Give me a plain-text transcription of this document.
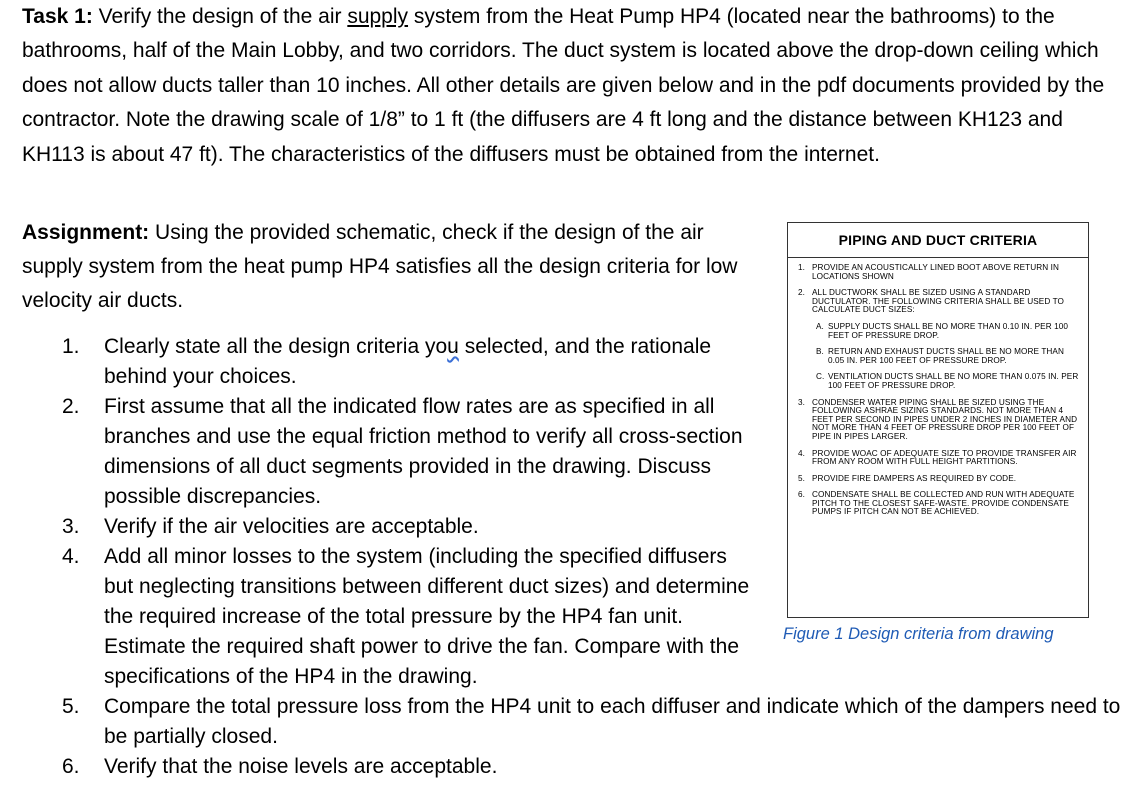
Task 1: Verify the design of the air supply system from the Heat Pump HP4 (located near the bathrooms) to the bathrooms, half of the Main Lobby, and two corridors. The duct system is located above the drop-down ceiling which does not allow ducts taller than 10 inches. All other details are given below and in the pdf documents provided by the contractor. Note the drawing scale of 1/8” to 1 ft (the diffusers are 4 ft long and the distance between KH123 and KH113 is about 47 ft). The characteristics of the diffusers must be obtained from the internet.
Assignment: Using the provided schematic, check if the design of the air supply system from the heat pump HP4 satisfies all the design criteria for low velocity air ducts.
1. Clearly state all the design criteria you selected, and the rationale behind your choices.
2. First assume that all the indicated flow rates are as specified in all branches and use the equal friction method to verify all cross-section dimensions of all duct segments provided in the drawing. Discuss possible discrepancies.
3. Verify if the air velocities are acceptable.
4. Add all minor losses to the system (including the specified diffusers but neglecting transitions between different duct sizes) and determine the required increase of the total pressure by the HP4 fan unit. Estimate the required shaft power to drive the fan. Compare with the specifications of the HP4 in the drawing.
5. Compare the total pressure loss from the HP4 unit to each diffuser and indicate which of the dampers need to be partially closed.
6. Verify that the noise levels are acceptable.
PIPING AND DUCT CRITERIA
1. PROVIDE AN ACOUSTICALLY LINED BOOT ABOVE RETURN IN LOCATIONS SHOWN
2. ALL DUCTWORK SHALL BE SIZED USING A STANDARD DUCTULATOR. THE FOLLOWING CRITERIA SHALL BE USED TO CALCULATE DUCT SIZES:
A. SUPPLY DUCTS SHALL BE NO MORE THAN 0.10 IN. PER 100 FEET OF PRESSURE DROP.
B. RETURN AND EXHAUST DUCTS SHALL BE NO MORE THAN 0.05 IN. PER 100 FEET OF PRESSURE DROP.
C. VENTILATION DUCTS SHALL BE NO MORE THAN 0.075 IN. PER 100 FEET OF PRESSURE DROP.
3. CONDENSER WATER PIPING SHALL BE SIZED USING THE FOLLOWING ASHRAE SIZING STANDARDS. NOT MORE THAN 4 FEET PER SECOND IN PIPES UNDER 2 INCHES IN DIAMETER AND NOT MORE THAN 4 FEET OF PRESSURE DROP PER 100 FEET OF PIPE IN PIPES LARGER.
4. PROVIDE WOAC OF ADEQUATE SIZE TO PROVIDE TRANSFER AIR FROM ANY ROOM WITH FULL HEIGHT PARTITIONS.
5. PROVIDE FIRE DAMPERS AS REQUIRED BY CODE.
6. CONDENSATE SHALL BE COLLECTED AND RUN WITH ADEQUATE PITCH TO THE CLOSEST SAFE-WASTE. PROVIDE CONDENSATE PUMPS IF PITCH CAN NOT BE ACHIEVED.
Figure 1 Design criteria from drawing
